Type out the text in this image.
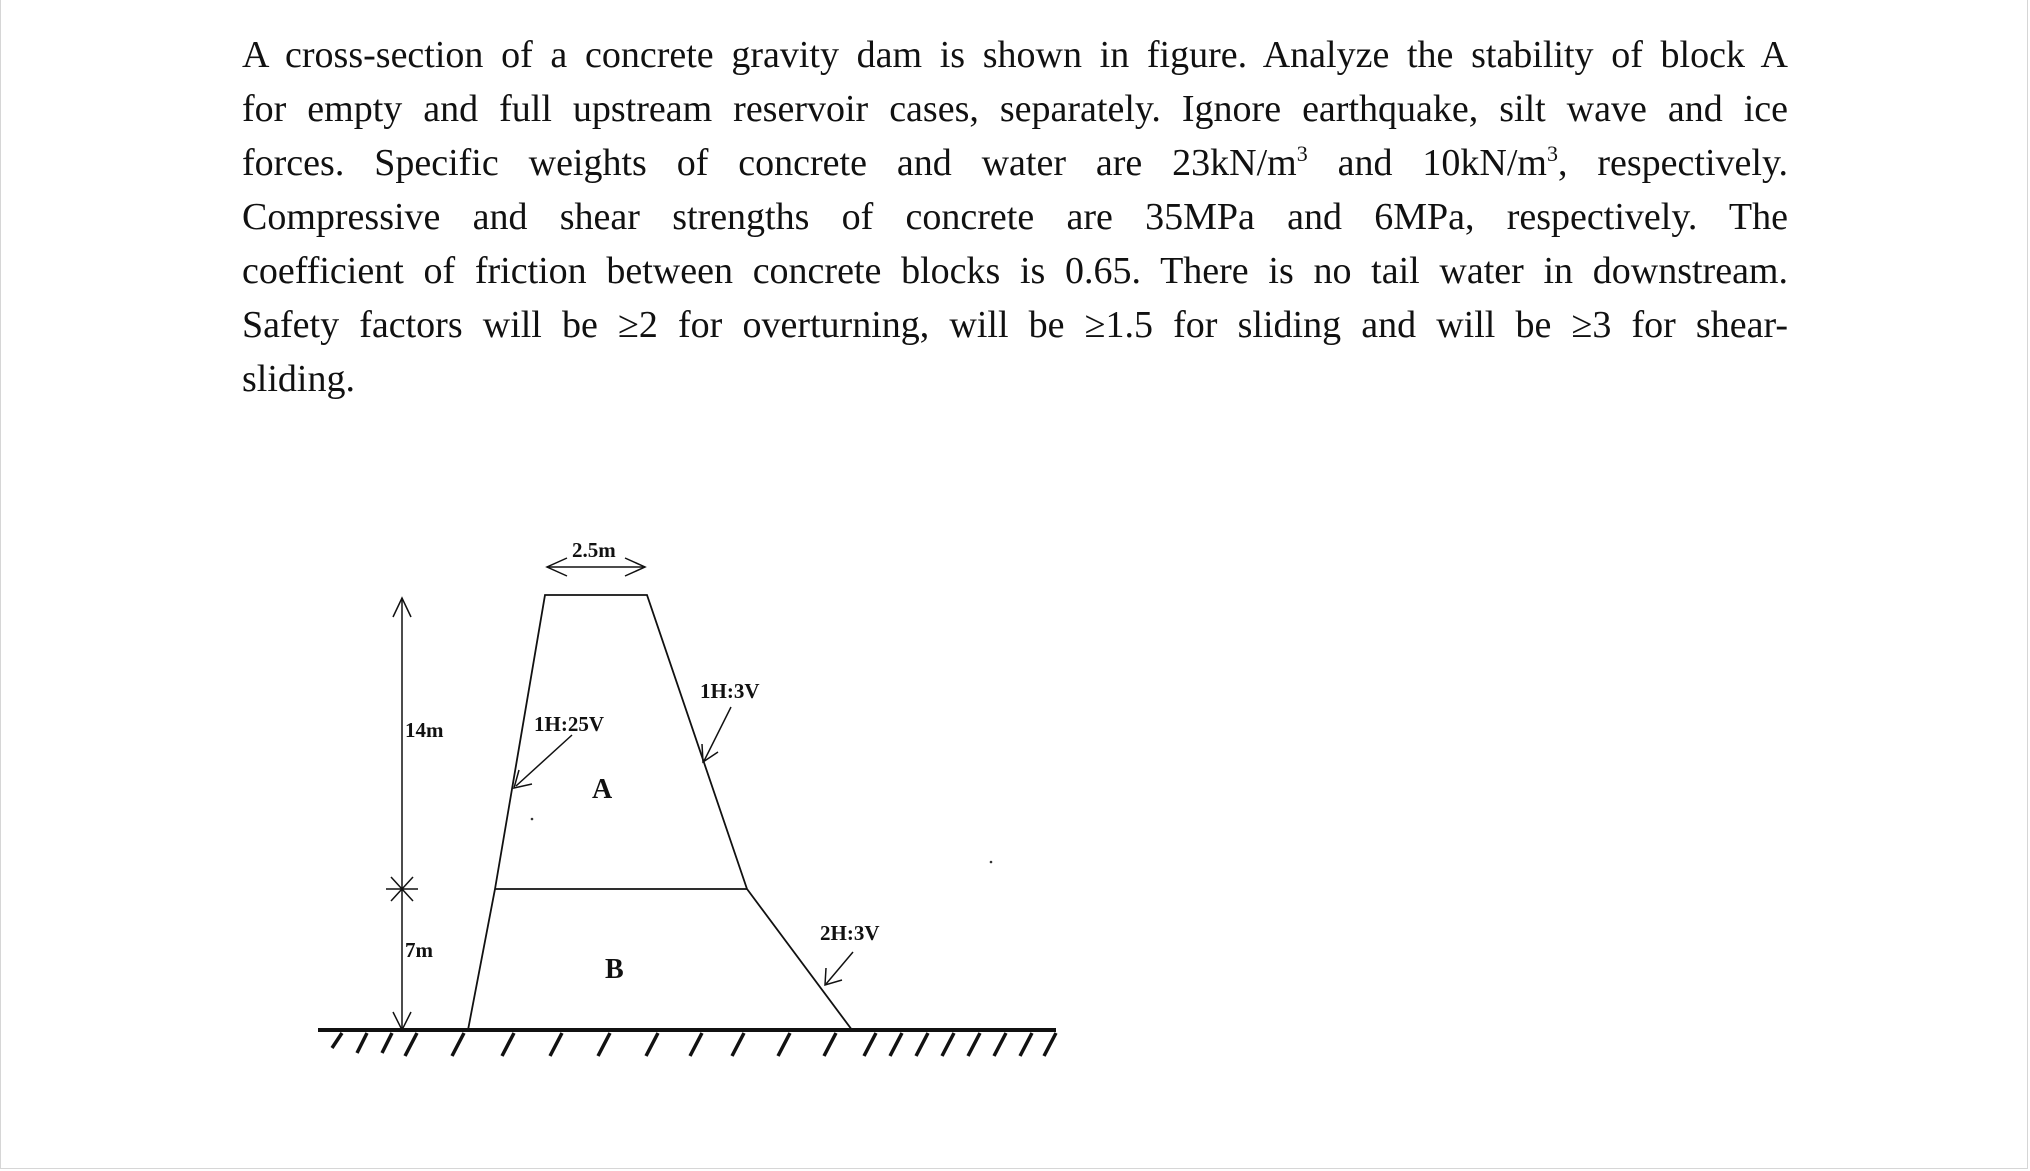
A cross-section of a concrete gravity dam is shown in figure. Analyze the stability of block A
for empty and full upstream reservoir cases, separately. Ignore earthquake, silt wave and ice
forces. Specific weights of concrete and water are $23kN/m^3$ and $10kN/m^3$, respectively.
Compressive and shear strengths of concrete are 35MPa and 6MPa, respectively. The
coefficient of friction between concrete blocks is 0.65. There is no tail water in downstream.
Safety factors will be ≥2 for overturning, will be ≥1.5 for sliding and will be ≥3 for shear-
sliding.
2.5m
14m
7m
1H:25V
1H:3V
2H:3V
A
B
